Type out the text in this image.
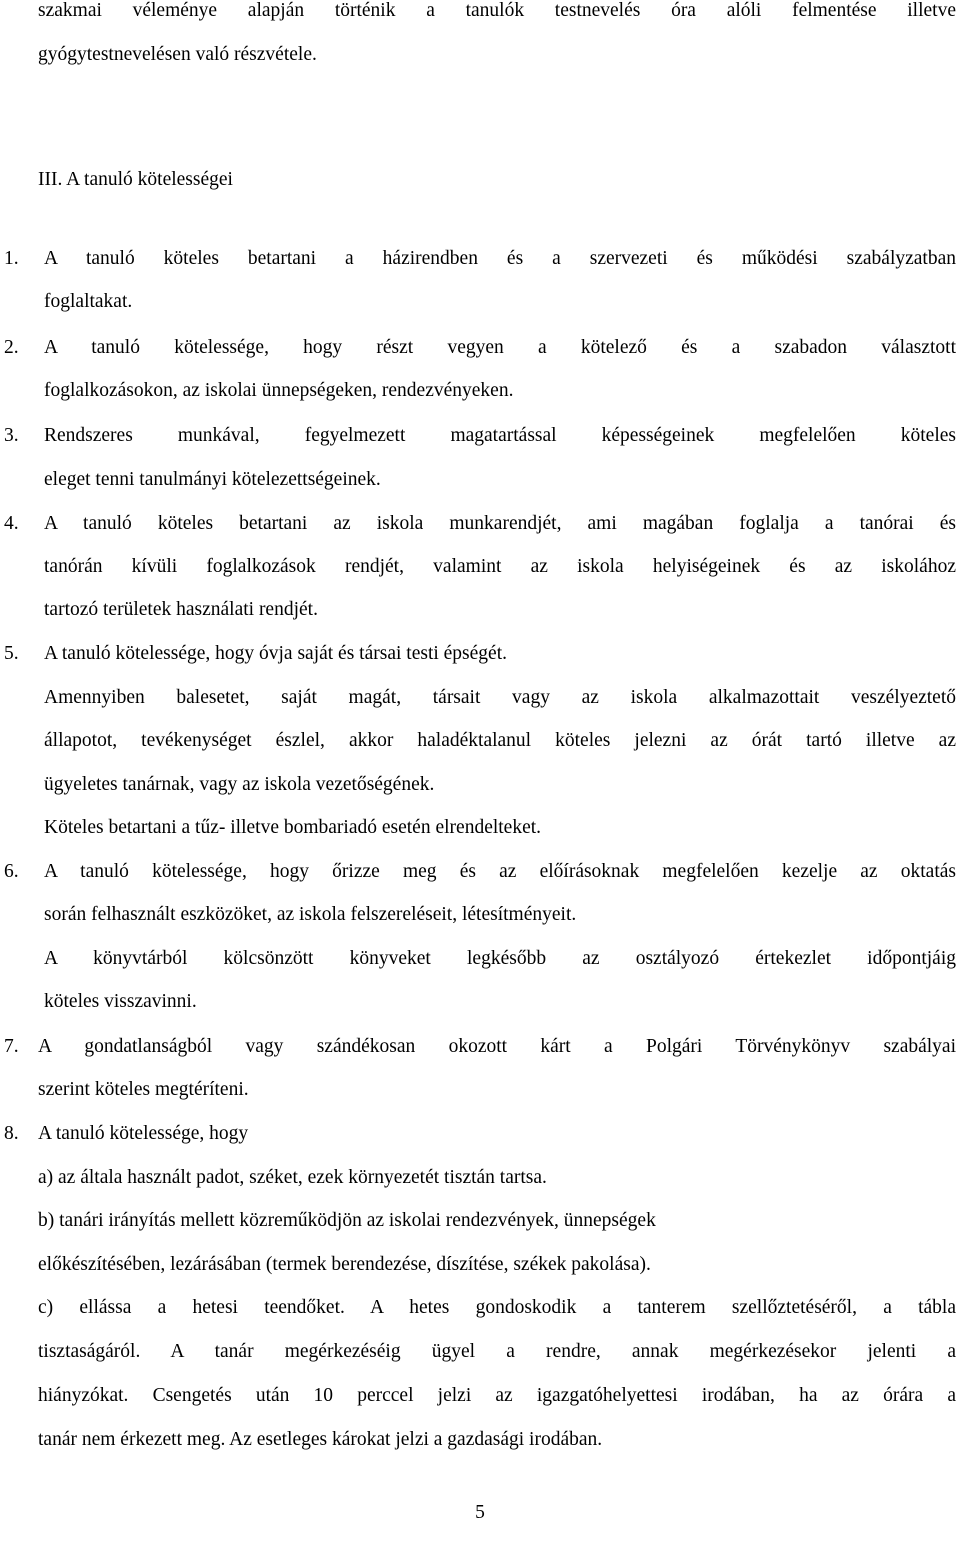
szakmai véleménye alapján történik a tanulók testnevelés óra alóli felmentése illetve
gyógytestnevelésen való részvétele.
III. A tanuló kötelességei
1. A tanuló köteles betartani a házirendben és a szervezeti és működési szabályzatban
foglaltakat.
2. A tanuló kötelessége, hogy részt vegyen a kötelező és a szabadon választott
foglalkozásokon, az iskolai ünnepségeken, rendezvényeken.
3. Rendszeres munkával, fegyelmezett magatartással képességeinek megfelelően köteles
eleget tenni tanulmányi kötelezettségeinek.
4. A tanuló köteles betartani az iskola munkarendjét, ami magában foglalja a tanórai és
tanórán kívüli foglalkozások rendjét, valamint az iskola helyiségeinek és az iskolához
tartozó területek használati rendjét.
5. A tanuló kötelessége, hogy óvja saját és társai testi épségét.
Amennyiben balesetet, saját magát, társait vagy az iskola alkalmazottait veszélyeztető
állapotot, tevékenységet észlel, akkor haladéktalanul köteles jelezni az órát tartó illetve az
ügyeletes tanárnak, vagy az iskola vezetőségének.
Köteles betartani a tűz- illetve bombariadó esetén elrendelteket.
6. A tanuló kötelessége, hogy őrizze meg és az előírásoknak megfelelően kezelje az oktatás
során felhasznált eszközöket, az iskola felszereléseit, létesítményeit.
A könyvtárból kölcsönzött könyveket legkésőbb az osztályozó értekezlet időpontjáig
köteles visszavinni.
7. A gondatlanságból vagy szándékosan okozott kárt a Polgári Törvénykönyv szabályai
szerint köteles megtéríteni.
8. A tanuló kötelessége, hogy
a) az általa használt padot, széket, ezek környezetét tisztán tartsa.
b) tanári irányítás mellett közreműködjön az iskolai rendezvények, ünnepségek
előkészítésében, lezárásában (termek berendezése, díszítése, székek pakolása).
c) ellássa a hetesi teendőket. A hetes gondoskodik a tanterem szellőztetéséről, a tábla
tisztaságáról. A tanár megérkezéséig ügyel a rendre, annak megérkezésekor jelenti a
hiányzókat. Csengetés után 10 perccel jelzi az igazgatóhelyettesi irodában, ha az órára a
tanár nem érkezett meg. Az esetleges károkat jelzi a gazdasági irodában.
5
